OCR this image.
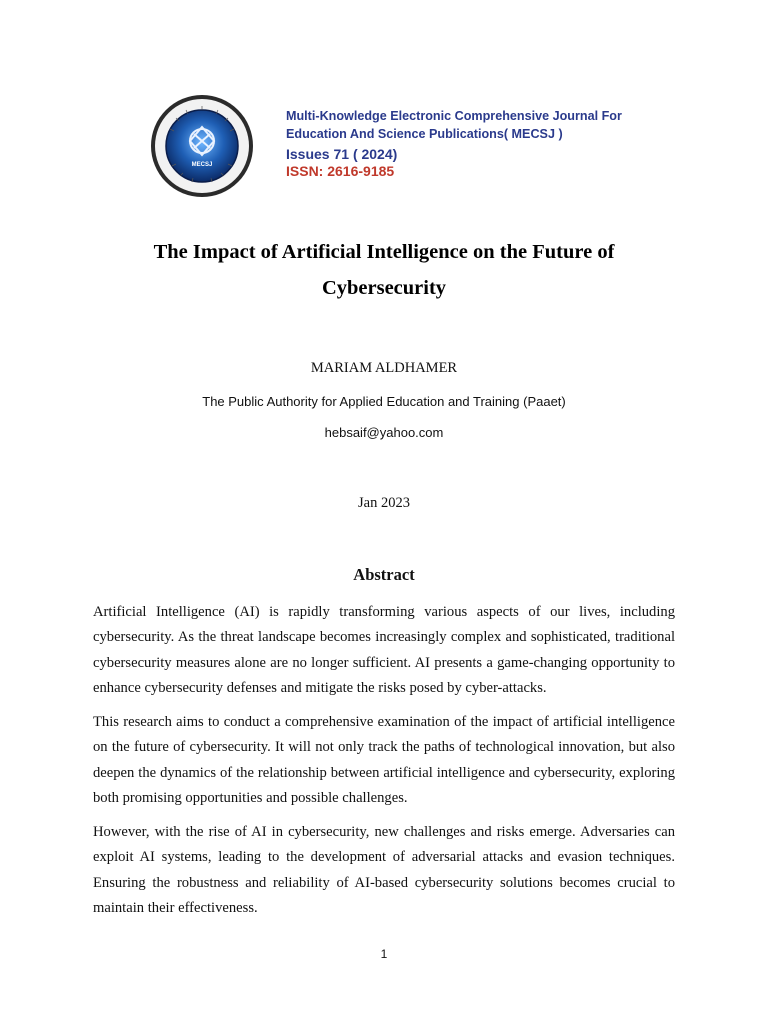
MECSJ
Multi-Knowledge Electronic Comprehensive Journal For
Education And Science Publications( MECSJ )
Issues 71 ( 2024)
ISSN: 2616-9185
The Impact of Artificial Intelligence on the Future of
Cybersecurity
MARIAM ALDHAMER
The Public Authority for Applied Education and Training (Paaet)
hebsaif@yahoo.com
Jan 2023
Abstract
Artificial Intelligence (AI) is rapidly transforming various aspects of our lives, including cybersecurity. As the threat landscape becomes increasingly complex and sophisticated, traditional cybersecurity measures alone are no longer sufficient. AI presents a game-changing opportunity to enhance cybersecurity defenses and mitigate the risks posed by cyber-attacks.
This research aims to conduct a comprehensive examination of the impact of artificial intelligence on the future of cybersecurity. It will not only track the paths of technological innovation, but also deepen the dynamics of the relationship between artificial intelligence and cybersecurity, exploring both promising opportunities and possible challenges.
However, with the rise of AI in cybersecurity, new challenges and risks emerge. Adversaries can exploit AI systems, leading to the development of adversarial attacks and evasion techniques. Ensuring the robustness and reliability of AI-based cybersecurity solutions becomes crucial to maintain their effectiveness.
1
